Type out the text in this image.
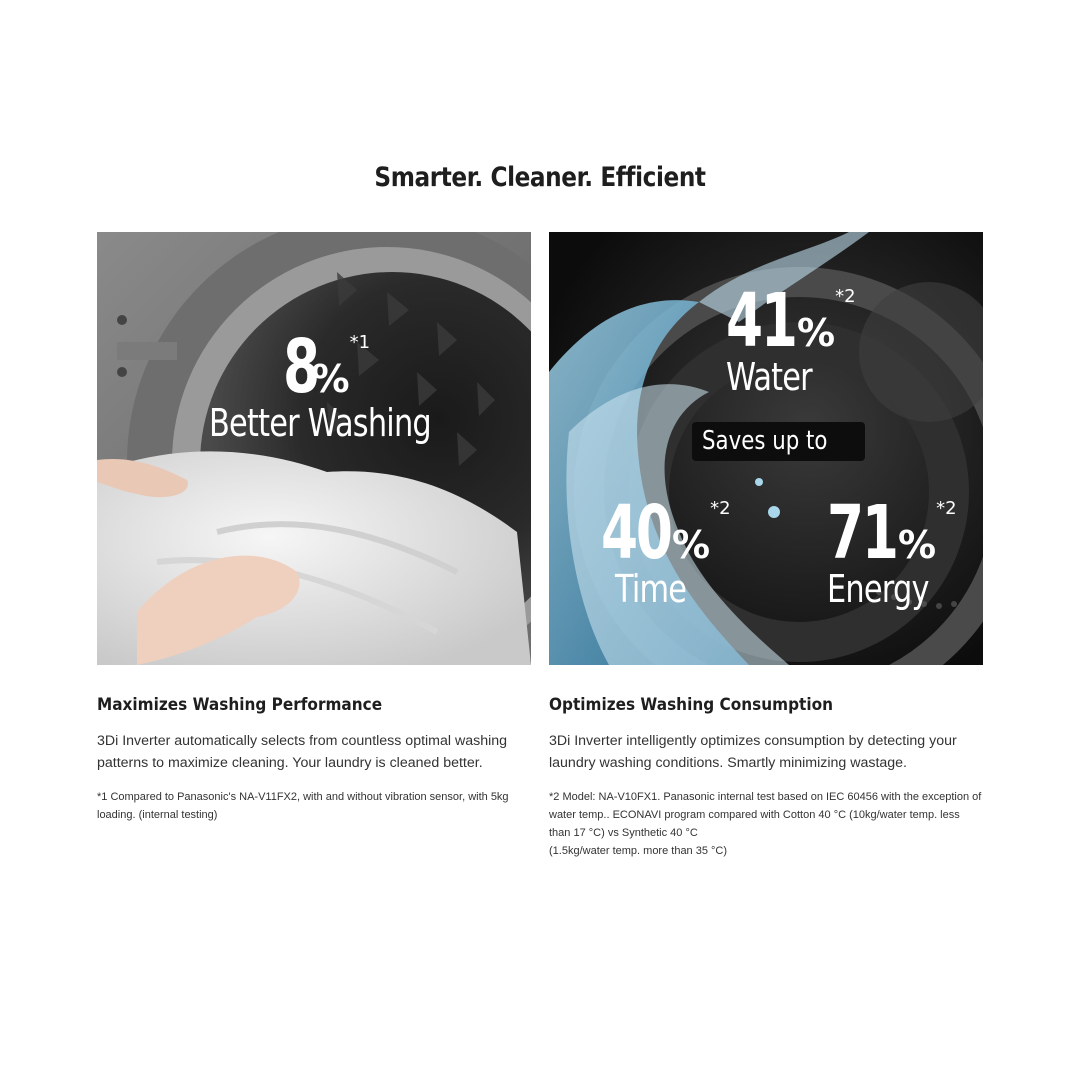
Smarter. Cleaner. Efficient
8%*1
Better Washing
Maximizes Washing Performance

3Di Inverter automatically selects from countless optimal washing patterns to maximize cleaning. Your laundry is cleaned better.

*1 Compared to Panasonic's NA-V11FX2, with and without vibration sensor, with 5kg loading. (internal testing)

41%*2
Water
Saves up to
40%*2
Time
71%*2
Energy
Optimizes Washing Consumption

3Di Inverter intelligently optimizes consumption by detecting your laundry washing conditions. Smartly minimizing wastage.

*2 Model: NA-V10FX1. Panasonic internal test based on IEC 60456 with the exception of water temp.. ECONAVI program compared with Cotton 40 °C (10kg/water temp. less than 17 °C) vs Synthetic 40 °C
(1.5kg/water temp. more than 35 °C)
